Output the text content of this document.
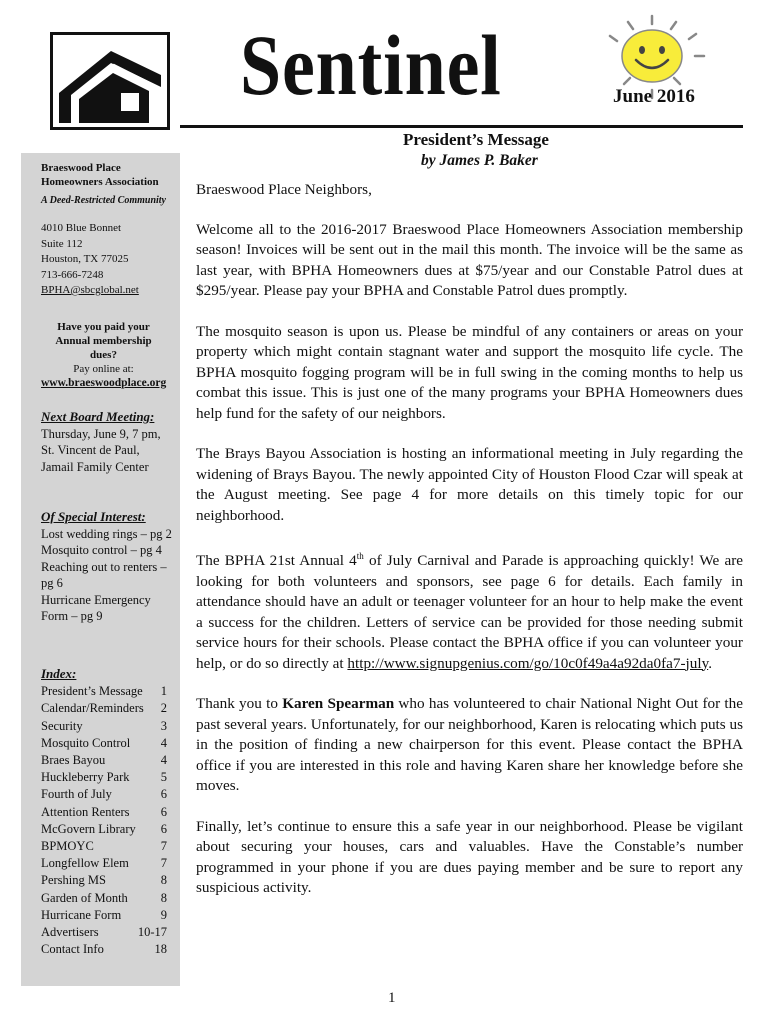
Sentinel	June 2016
Braeswood Place
Homeowners Association
A Deed-Restricted Community
4010 Blue Bonnet
Suite 112
Houston, TX 77025
713-666-7248
BPHA@sbcglobal.net
Have you paid your Annual membership dues?
Pay online at:
www.braeswoodplace.org
Next Board Meeting:
Thursday, June 9, 7 pm, St. Vincent de Paul, Jamail Family Center
Of Special Interest:
Lost wedding rings – pg 2
Mosquito control – pg 4
Reaching out to renters – pg 6
Hurricane Emergency Form – pg 9
Index:
President’s Message 1
Calendar/Reminders 2
Security	3
Mosquito Control 4
Braes Bayou	4
Huckleberry Park 5
Fourth of July	6
Attention Renters 6
McGovern Library 6
BPMOYC	7
Longfellow Elem	7
Pershing MS	8
Garden of Month	8
Hurricane Form	9
Advertisers	10-17
Contact Info	18
President’s Message
by James P. Baker

Braeswood Place Neighbors,

Welcome all to the 2016-2017 Braeswood Place Homeowners Association membership season! Invoices will be sent out in the mail this month. The invoice will be the same as last year, with BPHA Homeowners dues at $75/year and our Constable Patrol dues at $295/year. Please pay your BPHA and Constable Patrol dues promptly.

The mosquito season is upon us. Please be mindful of any containers or areas on your property which might contain stagnant water and support the mosquito life cycle. The BPHA mosquito fogging program will be in full swing in the coming months to help us combat this issue. This is just one of the many programs your BPHA Homeowners dues help fund for the safety of our neighbors.

The Brays Bayou Association is hosting an informational meeting in July regarding the widening of Brays Bayou. The newly appointed City of Houston Flood Czar will speak at the August meeting. See page 4 for more details on this timely topic for our neighborhood.

The BPHA 21st Annual 4th of July Carnival and Parade is approaching quickly! We are looking for both volunteers and sponsors, see page 6 for details. Each family in attendance should have an adult or teenager volunteer for an hour to help make the event a success for the children. Letters of service can be provided for those needing submit service hours for their schools. Please contact the BPHA office if you can volunteer your help, or do so directly at http://www.signupgenius.com/go/10c0f49a4a92da0fa7-july.

Thank you to Karen Spearman who has volunteered to chair National Night Out for the past several years. Unfortunately, for our neighborhood, Karen is relocating which puts us in the position of finding a new chairperson for this event. Please contact the BPHA office if you are interested in this role and having Karen share her knowledge before she moves.

Finally, let’s continue to ensure this a safe year in our neighborhood. Please be vigilant about securing your houses, cars and valuables. Have the Constable’s number programmed in your phone if you are dues paying member and be sure to report any suspicious activity.

1
